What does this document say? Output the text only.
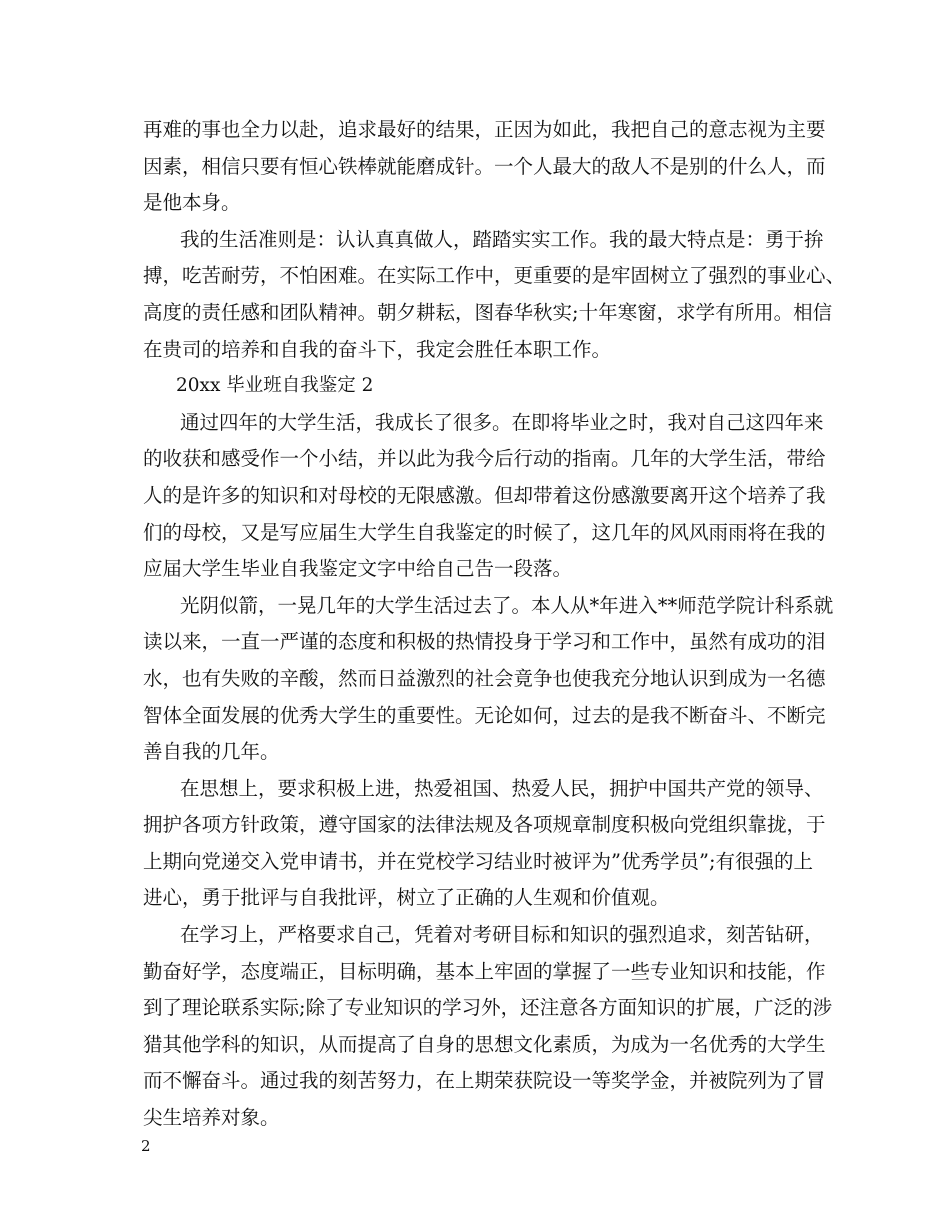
再难的事也全力以赴，追求最好的结果，正因为如此，我把自己的意志视为主要
因素，相信只要有恒心铁棒就能磨成针。一个人最大的敌人不是别的什么人，而
是他本身。
我的生活准则是：认认真真做人，踏踏实实工作。我的最大特点是：勇于拚
搏，吃苦耐劳，不怕困难。在实际工作中，更重要的是牢固树立了强烈的事业心、
高度的责任感和团队精神。朝夕耕耘，图春华秋实;十年寒窗，求学有所用。相信
在贵司的培养和自我的奋斗下，我定会胜任本职工作。
20xx 毕业班自我鉴定 2
通过四年的大学生活，我成长了很多。在即将毕业之时，我对自己这四年来
的收获和感受作一个小结，并以此为我今后行动的指南。几年的大学生活，带给
人的是许多的知识和对母校的无限感激。但却带着这份感激要离开这个培养了我
们的母校，又是写应届生大学生自我鉴定的时候了，这几年的风风雨雨将在我的
应届大学生毕业自我鉴定文字中给自己告一段落。
光阴似箭，一晃几年的大学生活过去了。本人从*年进入**师范学院计科系就
读以来，一直一严谨的态度和积极的热情投身于学习和工作中，虽然有成功的泪
水，也有失败的辛酸，然而日益激烈的社会竟争也使我充分地认识到成为一名德
智体全面发展的优秀大学生的重要性。无论如何，过去的是我不断奋斗、不断完
善自我的几年。
在思想上，要求积极上进，热爱祖国、热爱人民，拥护中国共产党的领导、
拥护各项方针政策，遵守国家的法律法规及各项规章制度积极向党组织靠拢，于
上期向党递交入党申请书，并在党校学习结业时被评为”优秀学员”;有很强的上
进心，勇于批评与自我批评，树立了正确的人生观和价值观。
在学习上，严格要求自己，凭着对考研目标和知识的强烈追求，刻苦钻研，
勤奋好学，态度端正，目标明确，基本上牢固的掌握了一些专业知识和技能，作
到了理论联系实际;除了专业知识的学习外，还注意各方面知识的扩展，广泛的涉
猎其他学科的知识，从而提高了自身的思想文化素质，为成为一名优秀的大学生
而不懈奋斗。通过我的刻苦努力，在上期荣获院设一等奖学金，并被院列为了冒
尖生培养对象。
2
